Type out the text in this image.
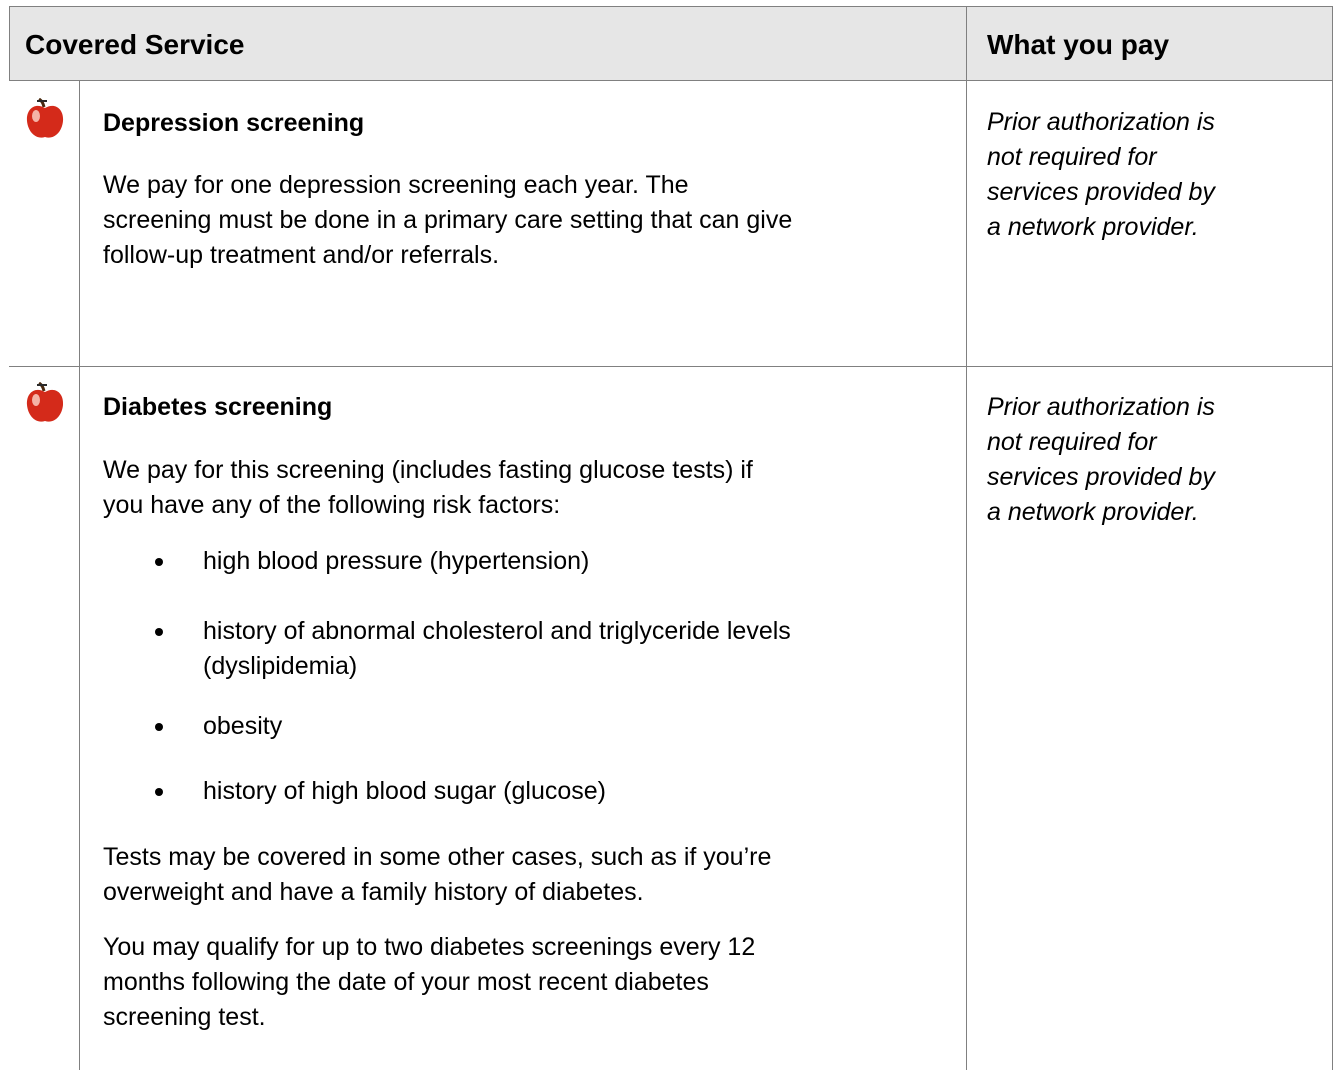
Covered Service	What you pay
Depression screening
We pay for one depression screening each year. The
screening must be done in a primary care setting that can give
follow-up treatment and/or referrals.
Prior authorization is
not required for
services provided by
a network provider.
Diabetes screening
We pay for this screening (includes fasting glucose tests) if
you have any of the following risk factors:
high blood pressure (hypertension)
history of abnormal cholesterol and triglyceride levels
(dyslipidemia)
obesity
history of high blood sugar (glucose)
Tests may be covered in some other cases, such as if you’re
overweight and have a family history of diabetes.
You may qualify for up to two diabetes screenings every 12
months following the date of your most recent diabetes
screening test.
Prior authorization is
not required for
services provided by
a network provider.
